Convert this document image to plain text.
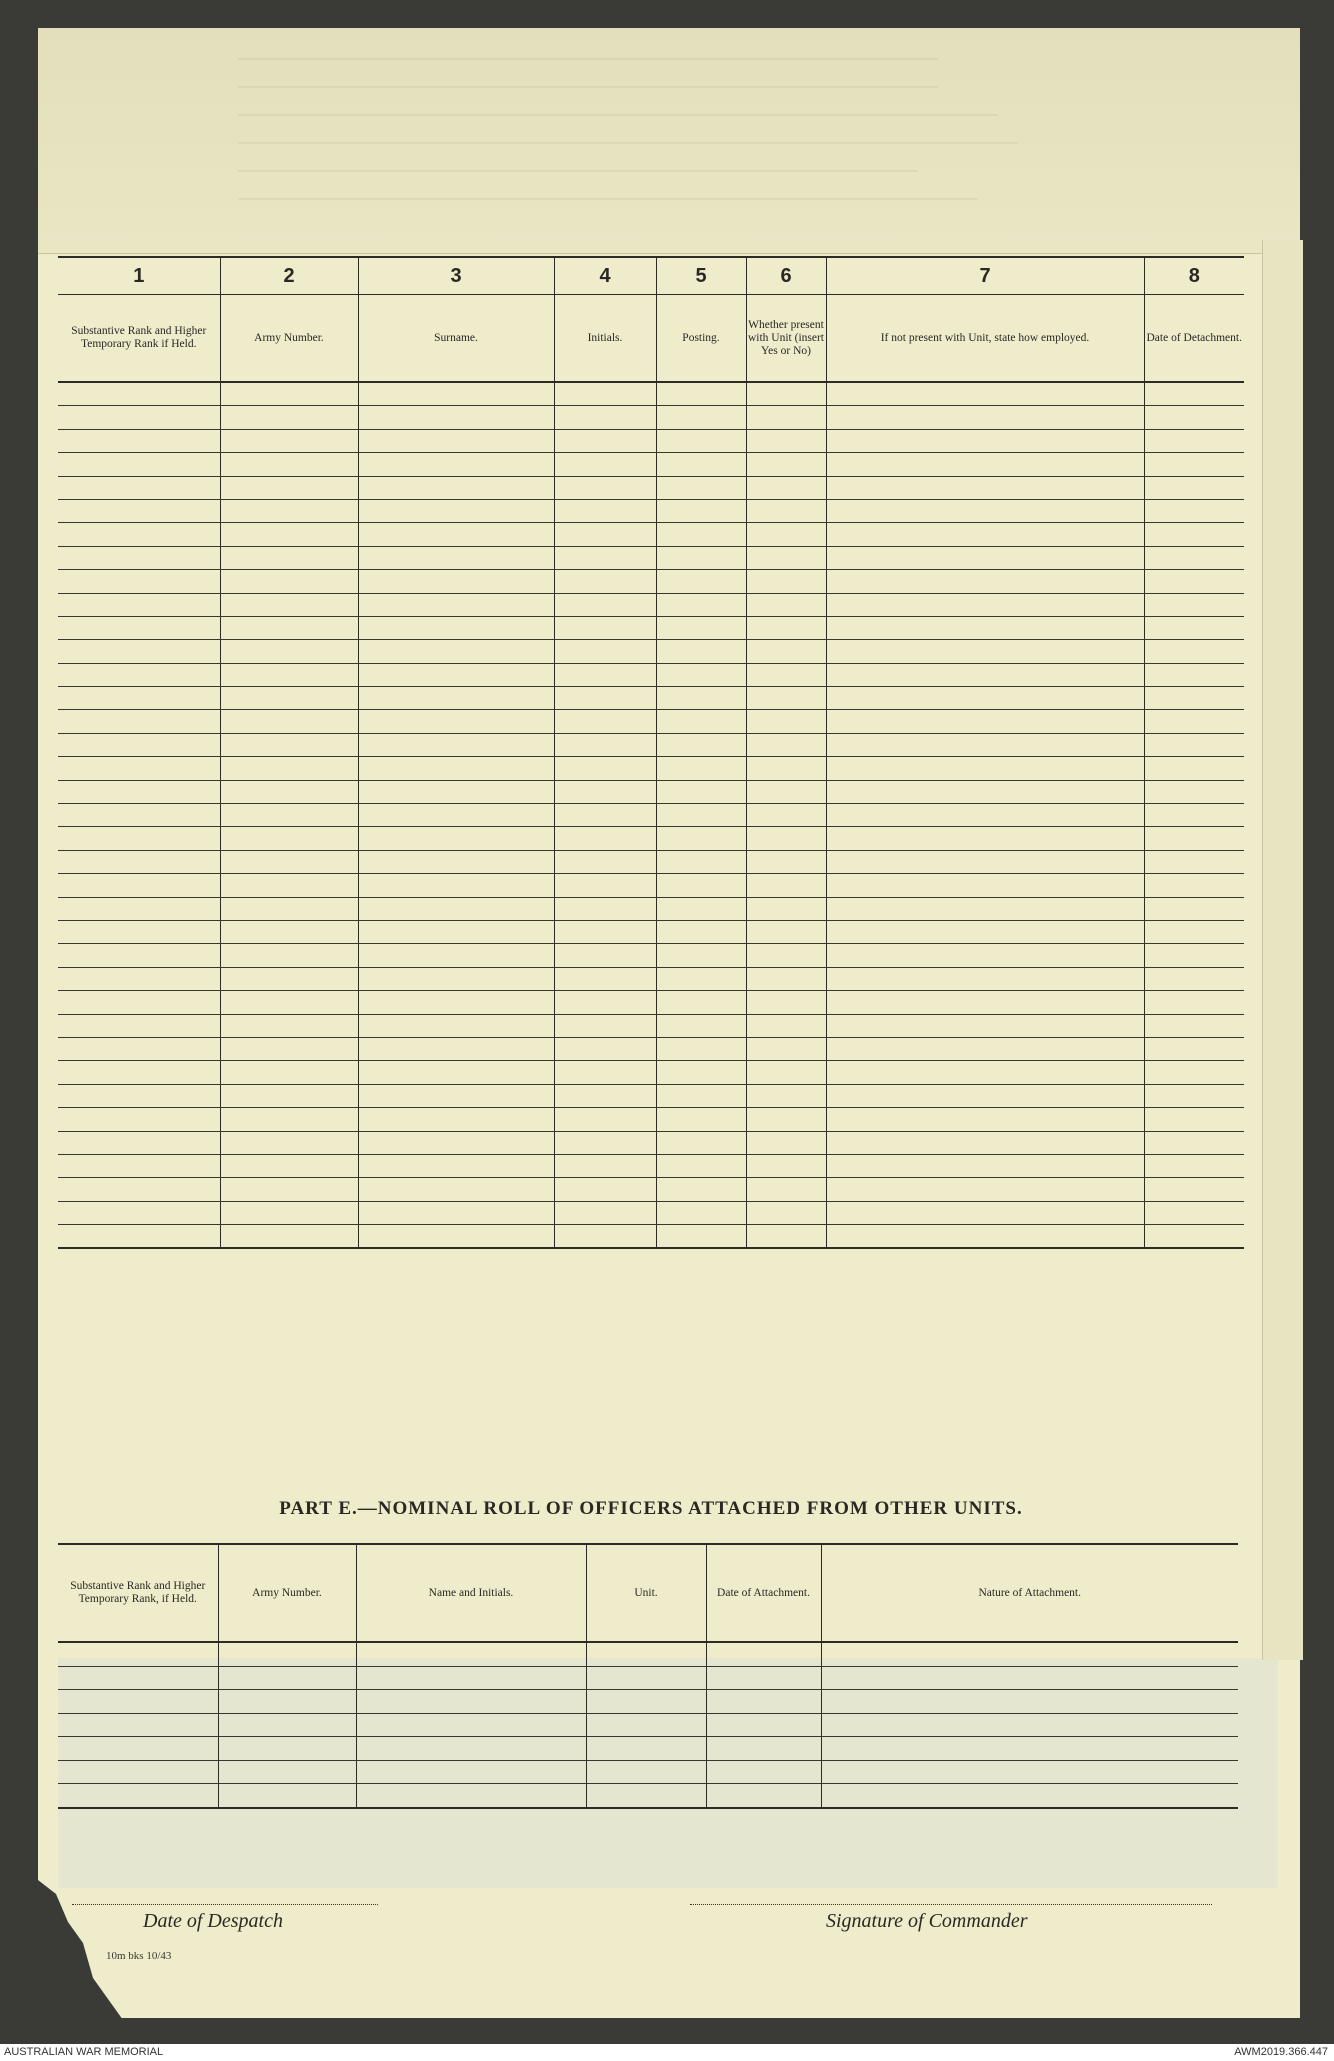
1	2	3	4	5	6	7	8
Substantive Rank and Higher Temporary Rank if Held.	Army Number.	Surname.	Initials.	Posting.	Whether present with Unit (insert Yes or No)	If not present with Unit, state how employed.	Date of Detachment.

PART E.—NOMINAL ROLL OF OFFICERS ATTACHED FROM OTHER UNITS.
Substantive Rank and Higher Temporary Rank, if Held.	Army Number.	Name and Initials.	Unit.	Date of Attachment.	Nature of Attachment.

Date of Despatch	Signature of Commander
10m bks 10/43
AUSTRALIAN WAR MEMORIAL	AWM2019.366.447
